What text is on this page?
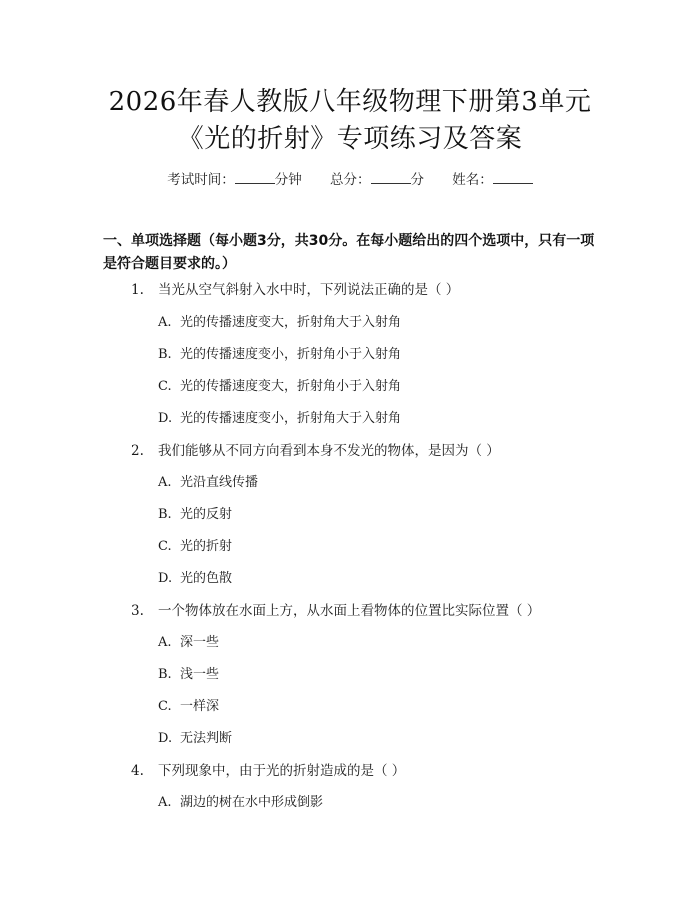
2026年春人教版八年级物理下册第3单元
《光的折射》专项练习及答案
考试时间：	分钟 总分：	分 姓名：
一、单项选择题（每小题3分，共30分。在每小题给出的四个选项中，只有一项是符合题目要求的。）
1. 当光从空气斜射入水中时，下列说法正确的是（ ）
A. 光的传播速度变大，折射角大于入射角
B. 光的传播速度变小，折射角小于入射角
C. 光的传播速度变大，折射角小于入射角
D. 光的传播速度变小，折射角大于入射角
2. 我们能够从不同方向看到本身不发光的物体，是因为（ ）
A. 光沿直线传播
B. 光的反射
C. 光的折射
D. 光的色散
3. 一个物体放在水面上方，从水面上看物体的位置比实际位置（ ）
A. 深一些
B. 浅一些
C. 一样深
D. 无法判断
4. 下列现象中，由于光的折射造成的是（ ）
A. 湖边的树在水中形成倒影
